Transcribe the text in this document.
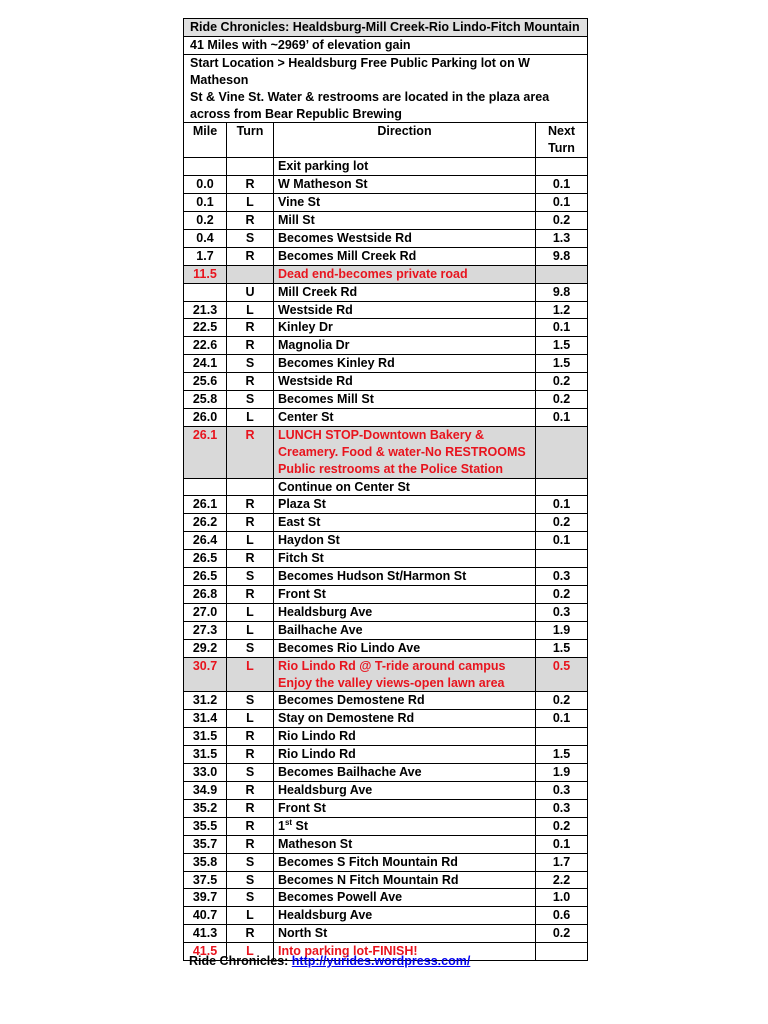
Ride Chronicles: Healdsburg-Mill Creek-Rio Lindo-Fitch Mountain			
41 Miles with ~2969’ of elevation gain			

Start Location > Healdsburg Free Public Parking lot on W Matheson
St & Vine St. Water & restrooms are located in the plaza area
across from Bear Republic Brewing			

Mile	Turn	Direction	Next
Turn

		Exit parking lot	

0.0	R	W Matheson St	0.1
0.1	L	Vine St	0.1
0.2	R	Mill St	0.2
0.4	S	Becomes Westside Rd	1.3
1.7	R	Becomes Mill Creek Rd	9.8
11.5		Dead end-becomes private road	

	U	Mill Creek Rd	9.8
21.3	L	Westside Rd	1.2
22.5	R	Kinley Dr	0.1
22.6	R	Magnolia Dr	1.5
24.1	S	Becomes Kinley Rd	1.5
25.6	R	Westside Rd	0.2
25.8	S	Becomes Mill St	0.2
26.0	L	Center St	0.1
26.1	R	LUNCH STOP-Downtown Bakery &
Creamery. Food & water-No RESTROOMS
Public restrooms at the Police Station	

		Continue on Center St	

26.1	R	Plaza St	0.1
26.2	R	East St	0.2
26.4	L	Haydon St	0.1
26.5	R	Fitch St	

26.5	S	Becomes Hudson St/Harmon St	0.3
26.8	R	Front St	0.2
27.0	L	Healdsburg Ave	0.3
27.3	L	Bailhache Ave	1.9
29.2	S	Becomes Rio Lindo Ave	1.5
30.7	L	Rio Lindo Rd @ T-ride around campus
Enjoy the valley views-open lawn area	0.5
31.2	S	Becomes Demostene Rd	0.2
31.4	L	Stay on Demostene Rd	0.1
31.5	R	Rio Lindo Rd	

31.5	R	Rio Lindo Rd	1.5
33.0	S	Becomes Bailhache Ave	1.9
34.9	R	Healdsburg Ave	0.3
35.2	R	Front St	0.3
35.5	R	1st St	0.2
35.7	R	Matheson St	0.1
35.8	S	Becomes S Fitch Mountain Rd	1.7
37.5	S	Becomes N Fitch Mountain Rd	2.2
39.7	S	Becomes Powell Ave	1.0
40.7	L	Healdsburg Ave	0.6
41.3	R	North St	0.2
41.5	L	Into parking lot-FINISH!	

Ride Chronicles: http://yurides.wordpress.com/
